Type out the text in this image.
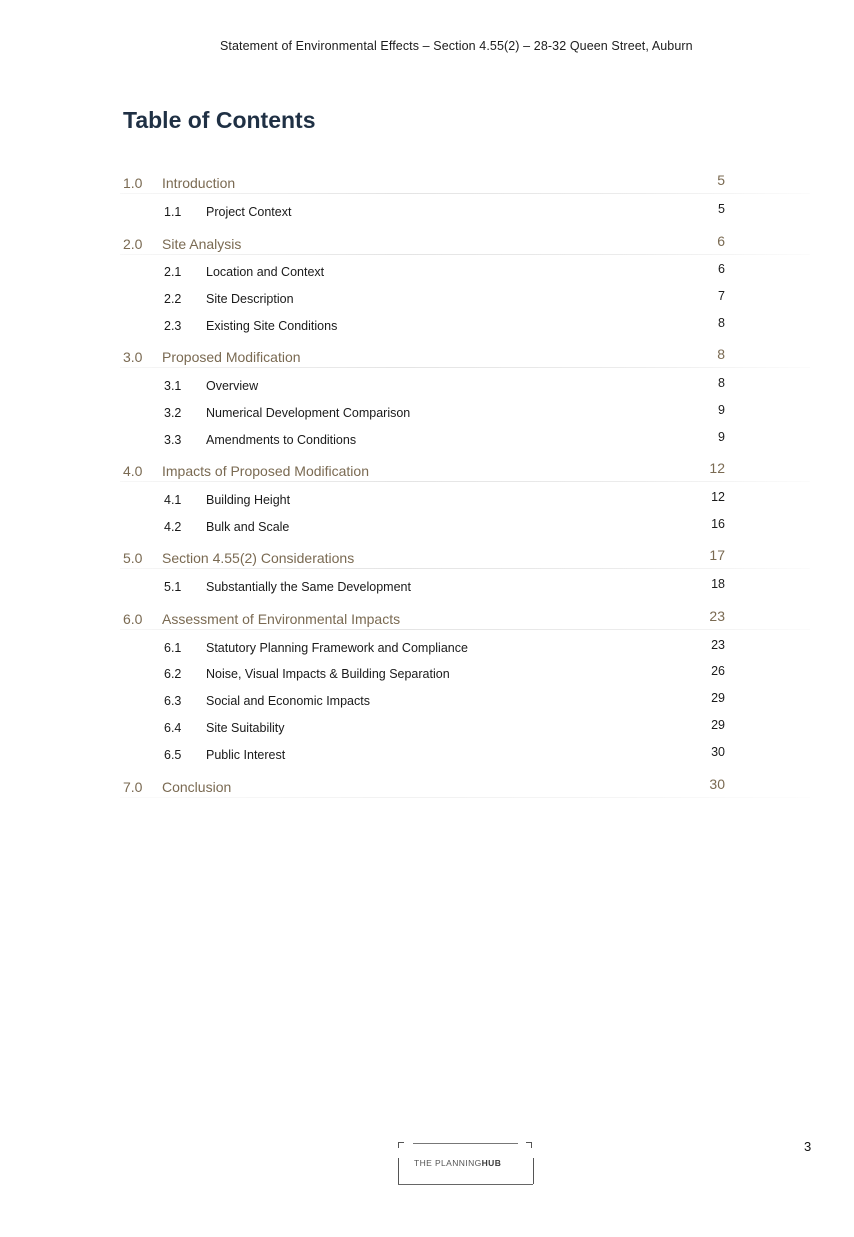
Statement of Environmental Effects – Section 4.55(2) – 28-32 Queen Street, Auburn
Table of Contents
1.0 Introduction	5
1.1 Project Context	5
2.0 Site Analysis	6
2.1 Location and Context	6
2.2 Site Description	7
2.3 Existing Site Conditions	8
3.0 Proposed Modification	8
3.1 Overview	8
3.2 Numerical Development Comparison	9
3.3 Amendments to Conditions	9
4.0 Impacts of Proposed Modification	12
4.1 Building Height	12
4.2 Bulk and Scale	16
5.0 Section 4.55(2) Considerations	17
5.1 Substantially the Same Development	18
6.0 Assessment of Environmental Impacts	23
6.1 Statutory Planning Framework and Compliance	23
6.2 Noise, Visual Impacts & Building Separation	26
6.3 Social and Economic Impacts	29
6.4 Site Suitability	29
6.5 Public Interest	30
7.0 Conclusion	30
THE PLANNINGHUB
3
